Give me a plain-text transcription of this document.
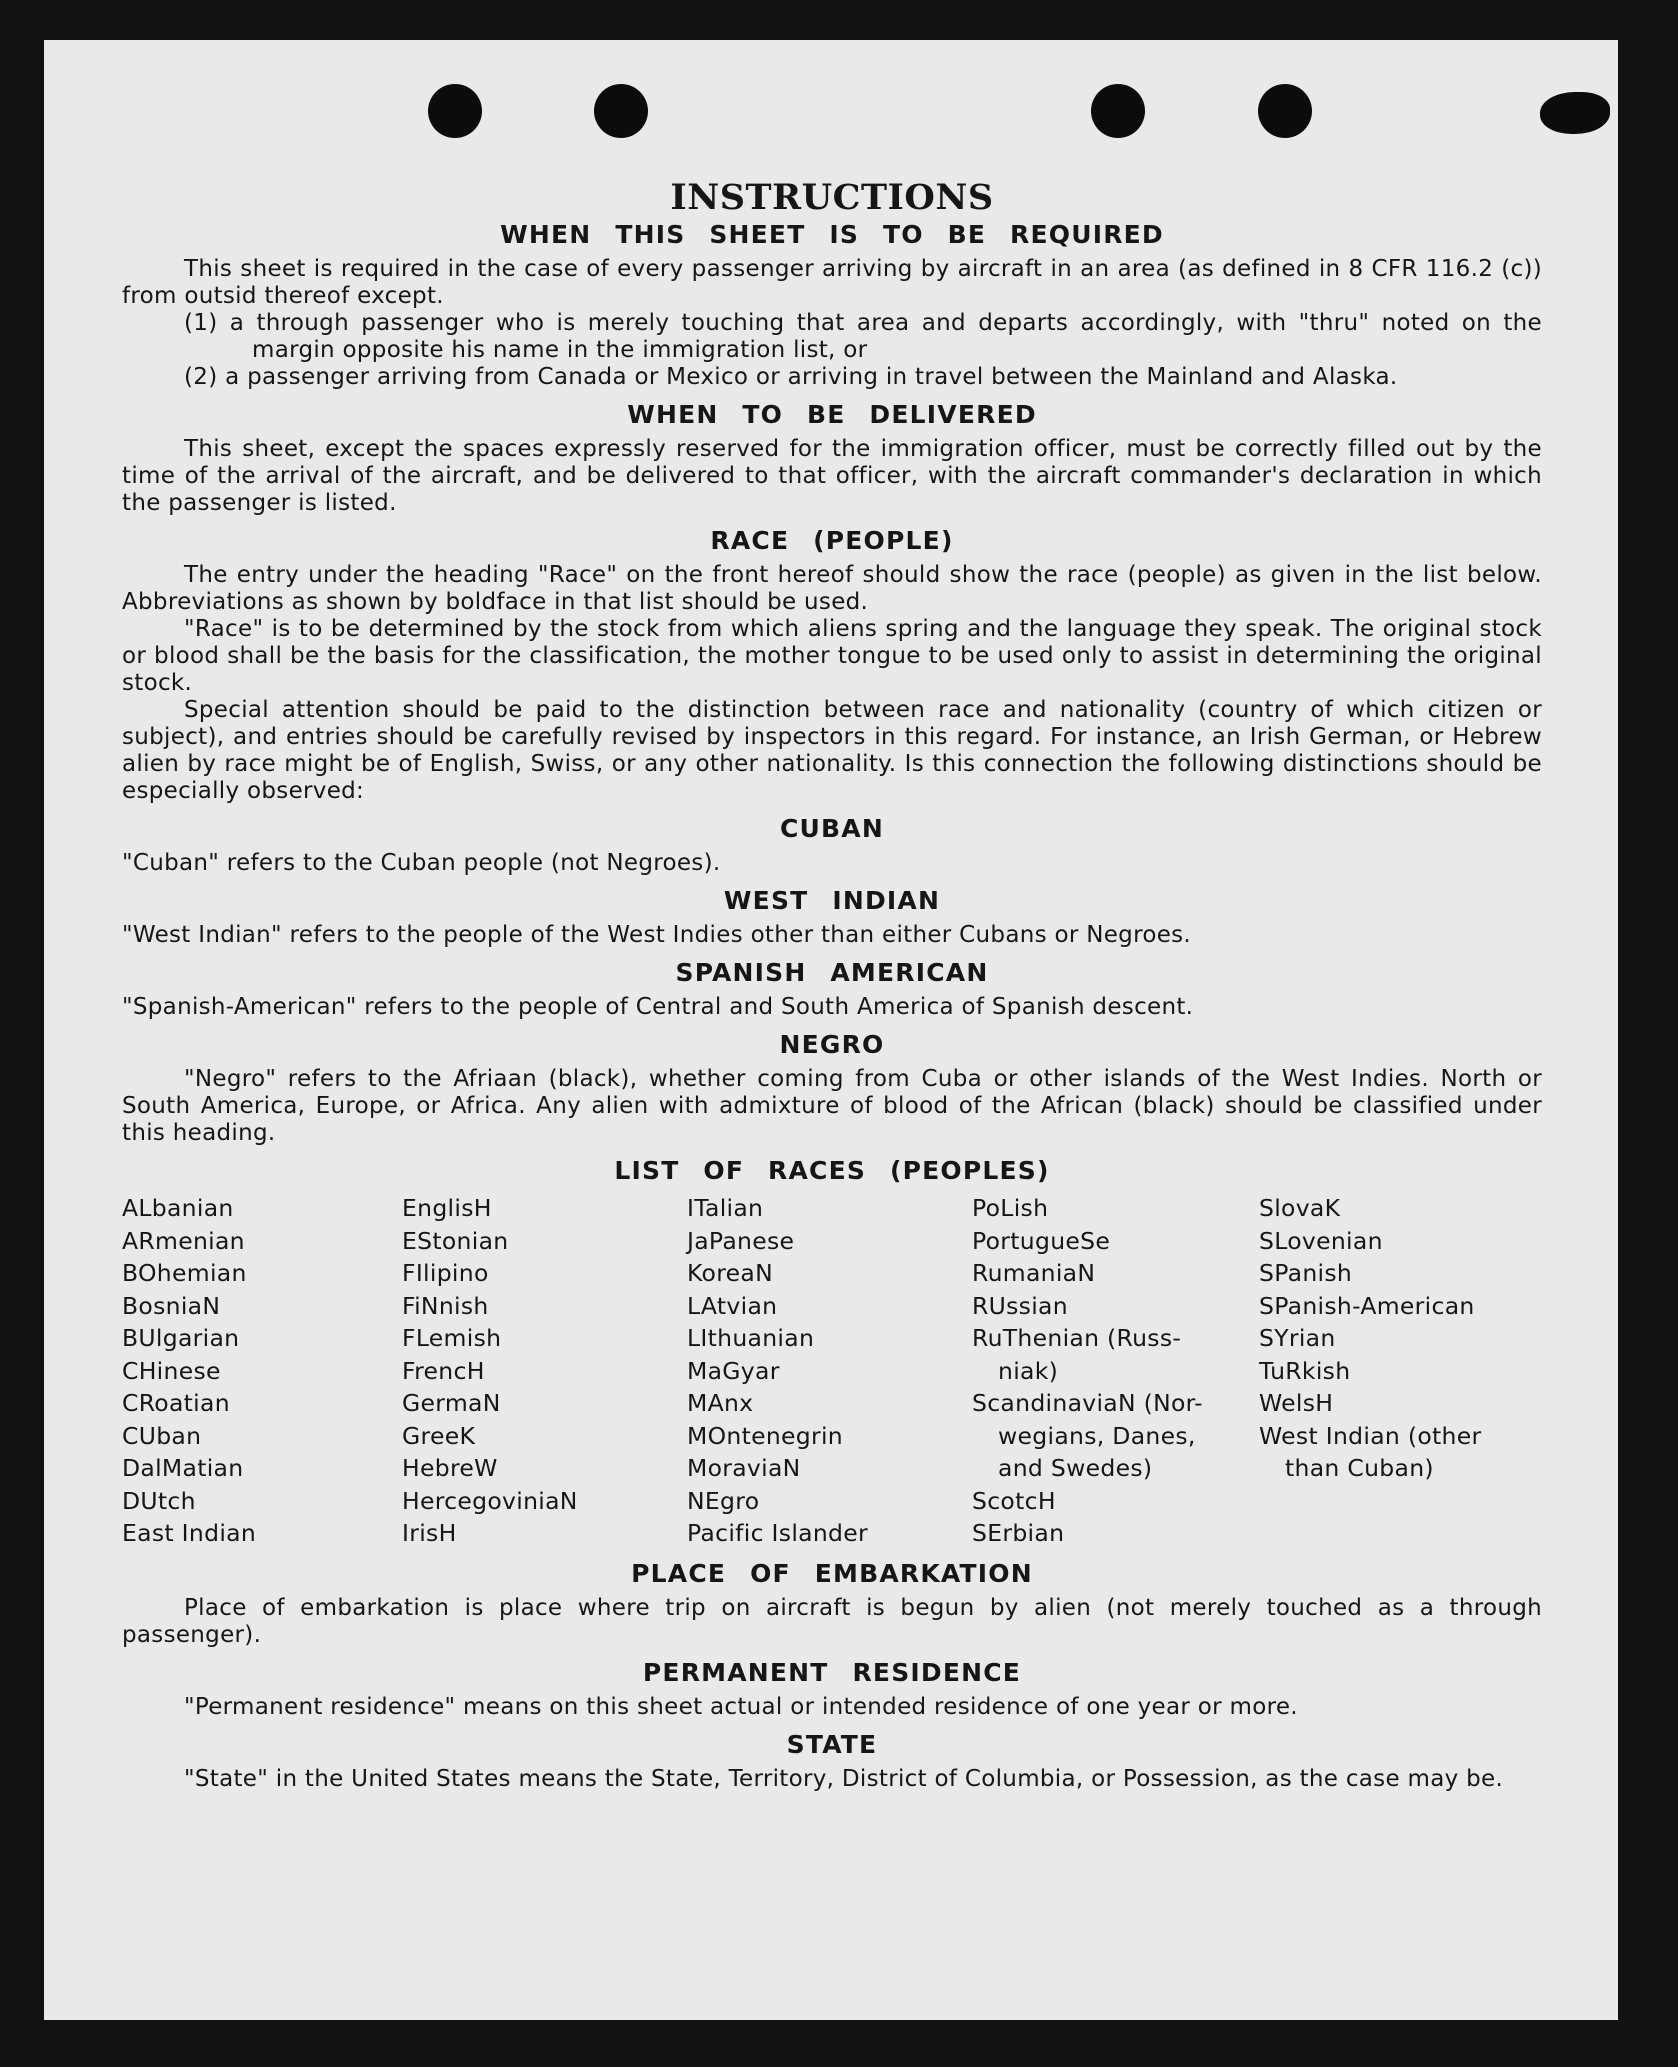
INSTRUCTIONS
WHEN THIS SHEET IS TO BE REQUIRED

This sheet is required in the case of every passenger arriving by aircraft in an area (as defined in 8 CFR 116.2 (c)) from outsid thereof except.

(1) a through passenger who is merely touching that area and departs accordingly, with "thru" noted on the margin opposite his name in the immigration list, or

(2) a passenger arriving from Canada or Mexico or arriving in travel between the Mainland and Alaska.

WHEN TO BE DELIVERED

This sheet, except the spaces expressly reserved for the immigration officer, must be correctly filled out by the time of the arrival of the aircraft, and be delivered to that officer, with the aircraft commander's declaration in which the passenger is listed.

RACE (PEOPLE)

The entry under the heading "Race" on the front hereof should show the race (people) as given in the list below. Abbreviations as shown by boldface in that list should be used.

"Race" is to be determined by the stock from which aliens spring and the language they speak. The original stock or blood shall be the basis for the classification, the mother tongue to be used only to assist in determining the original stock.

Special attention should be paid to the distinction between race and nationality (country of which citizen or subject), and entries should be carefully revised by inspectors in this regard. For instance, an Irish German, or Hebrew alien by race might be of English, Swiss, or any other nationality. Is this connection the following distinctions should be especially observed:

CUBAN

"Cuban" refers to the Cuban people (not Negroes).

WEST INDIAN

"West Indian" refers to the people of the West Indies other than either Cubans or Negroes.

SPANISH AMERICAN

"Spanish-American" refers to the people of Central and South America of Spanish descent.

NEGRO

"Negro" refers to the Afriaan (black), whether coming from Cuba or other islands of the West Indies. North or South America, Europe, or Africa. Any alien with admixture of blood of the African (black) should be classified under this heading.

LIST OF RACES (PEOPLES)
ALbanian
ARmenian
BOhemian
BosniaN
BUlgarian
CHinese
CRoatian
CUban
DalMatian
DUtch
East Indian
EnglisH
EStonian
FIlipino
FiNnish
FLemish
FrencH
GermaN
GreeK
HebreW
HercegoviniaN
IrisH
ITalian
JaPanese
KoreaN
LAtvian
LIthuanian
MaGyar
MAnx
MOntenegrin
MoraviaN
NEgro
Pacific Islander
PoLish
PortugueSe
RumaniaN
RUssian
RuThenian (Russ-
niak)
ScandinaviaN (Nor-
wegians, Danes,
and Swedes)
ScotcH
SErbian
SlovaK
SLovenian
SPanish
SPanish-American
SYrian
TuRkish
WelsH
West Indian (other
than Cuban)
PLACE OF EMBARKATION

Place of embarkation is place where trip on aircraft is begun by alien (not merely touched as a through passenger).

PERMANENT RESIDENCE

"Permanent residence" means on this sheet actual or intended residence of one year or more.

STATE

"State" in the United States means the State, Territory, District of Columbia, or Possession, as the case may be.
